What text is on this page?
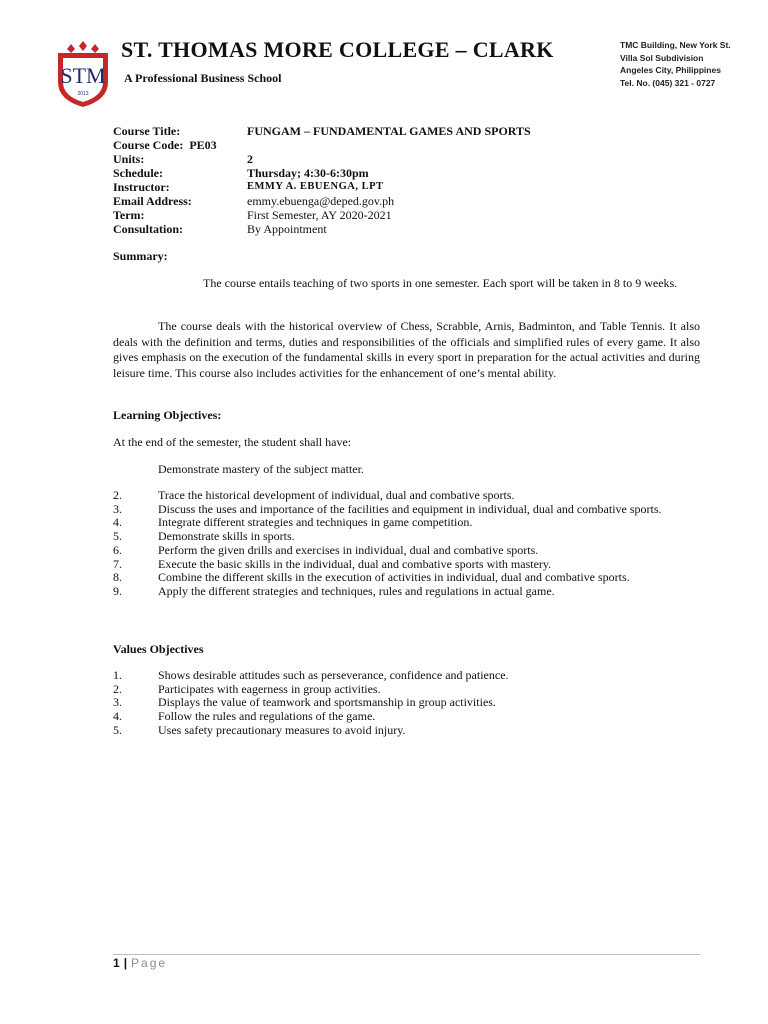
STM
2013
ST. THOMAS MORE COLLEGE – CLARK
A Professional Business School
TMC Building, New York St.
Villa Sol Subdivision
Angeles City, Philippines
Tel. No. (045) 321 - 0727
Course Title:	FUNGAM – FUNDAMENTAL GAMES AND SPORTS
Course Code: PE03
Units:	2
Schedule:	Thursday; 4:30-6:30pm
Instructor:	EMMY A. EBUENGA, LPT
Email Address:	emmy.ebuenga@deped.gov.ph
Term:	First Semester, AY 2020-2021
Consultation:	By Appointment
Summary:
The course entails teaching of two sports in one semester. Each sport will be taken in 8 to 9 weeks.
The course deals with the historical overview of Chess, Scrabble, Arnis, Badminton, and Table Tennis. It also deals with the definition and terms, duties and responsibilities of the officials and simplified rules of every game. It also gives emphasis on the execution of the fundamental skills in every sport in preparation for the actual activities and during leisure time. This course also includes activities for the enhancement of one’s mental ability.
Learning Objectives:
At the end of the semester, the student shall have:
Demonstrate mastery of the subject matter.
2.	Trace the historical development of individual, dual and combative sports.
3.	Discuss the uses and importance of the facilities and equipment in individual, dual and combative sports.
4.	Integrate different strategies and techniques in game competition.
5.	Demonstrate skills in sports.
6.	Perform the given drills and exercises in individual, dual and combative sports.
7.	Execute the basic skills in the individual, dual and combative sports with mastery.
8.	Combine the different skills in the execution of activities in individual, dual and combative sports.
9.	Apply the different strategies and techniques, rules and regulations in actual game.
Values Objectives
1.	Shows desirable attitudes such as perseverance, confidence and patience.
2.	Participates with eagerness in group activities.
3.	Displays the value of teamwork and sportsmanship in group activities.
4.	Follow the rules and regulations of the game.
5.	Uses safety precautionary measures to avoid injury.
1 | Page
